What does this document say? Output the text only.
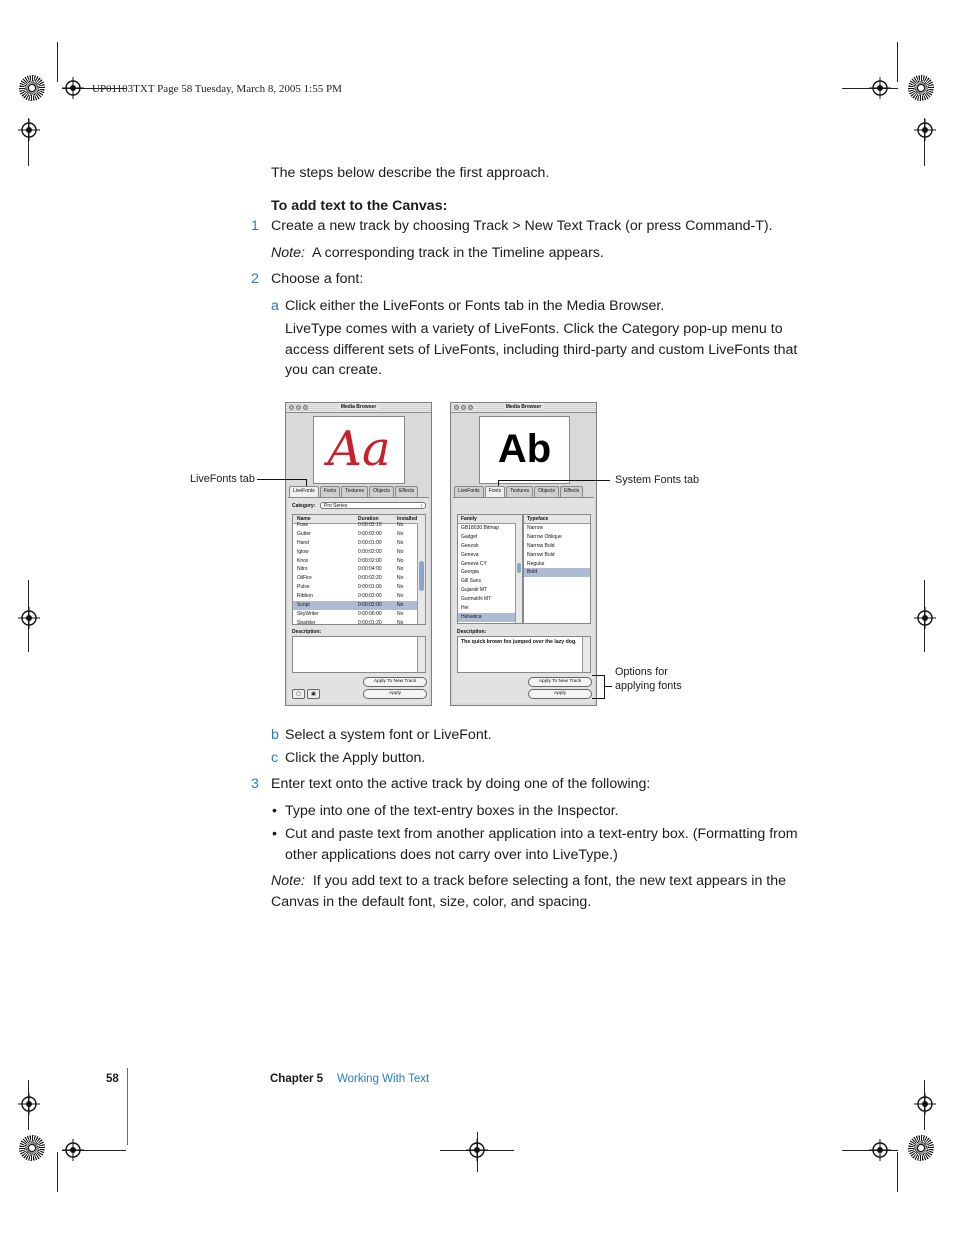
UP01103TXT Page 58 Tuesday, March 8, 2005 1:55 PM
The steps below describe the first approach.
To add text to the Canvas:
1 Create a new track by choosing Track > New Text Track (or press Command-T).
Note: A corresponding track in the Timeline appears.
2 Choose a font:
a Click either the LiveFonts or Fonts tab in the Media Browser.
LiveType comes with a variety of LiveFonts. Click the Category pop-up menu to
access different sets of LiveFonts, including third-party and custom LiveFonts that
you can create.
Media Browser
Aa
LiveFonts	Fonts	Textures	Objects	Effects
Category:	Pro Series	↕
Name	Duration	Installed
Fuse	0:00:02:10	No
Gutter	0:00:02:00	No
Hand	0:00:01:00	No
Iglow	0:00:02:00	No
Knox	0:00:02:00	No
Nitro	0:00:04:00	No
OilFire	0:00:02:20	No
Pulse	0:00:01:00	No
Ribbon	0:00:02:00	No
Script	0:00:02:00	No
SkyWriter	0:00:06:00	No
Sparkler	0:00:01:20	No
Description:
Apply To New Track
Apply
▢	▣
Media Browser
Ab
LiveFonts	Fonts	Textures	Objects	Effects
Family
GB18030 Bitmap
Gadget
Geezah
Geneva
Geneva CY
Georgia
Gill Sans
Gujarati MT
Gurmukhi MT
Hei
Helvetica
Typeface
Narrow
Narrow Oblique
Narrow Bold
Narrow Bold
Regular
Bold
Description:
The quick brown fox jumped over the lazy dog.
Apply To New Track
Apply
LiveFonts tab	System Fonts tab
Options for
applying fonts
b Select a system font or LiveFont.
c Click the Apply button.
3 Enter text onto the active track by doing one of the following:
• Type into one of the text-entry boxes in the Inspector.
• Cut and paste text from another application into a text-entry box. (Formatting from
other applications does not carry over into LiveType.)
Note: If you add text to a track before selecting a font, the new text appears in the
Canvas in the default font, size, color, and spacing.
58	Chapter 5 Working With Text
